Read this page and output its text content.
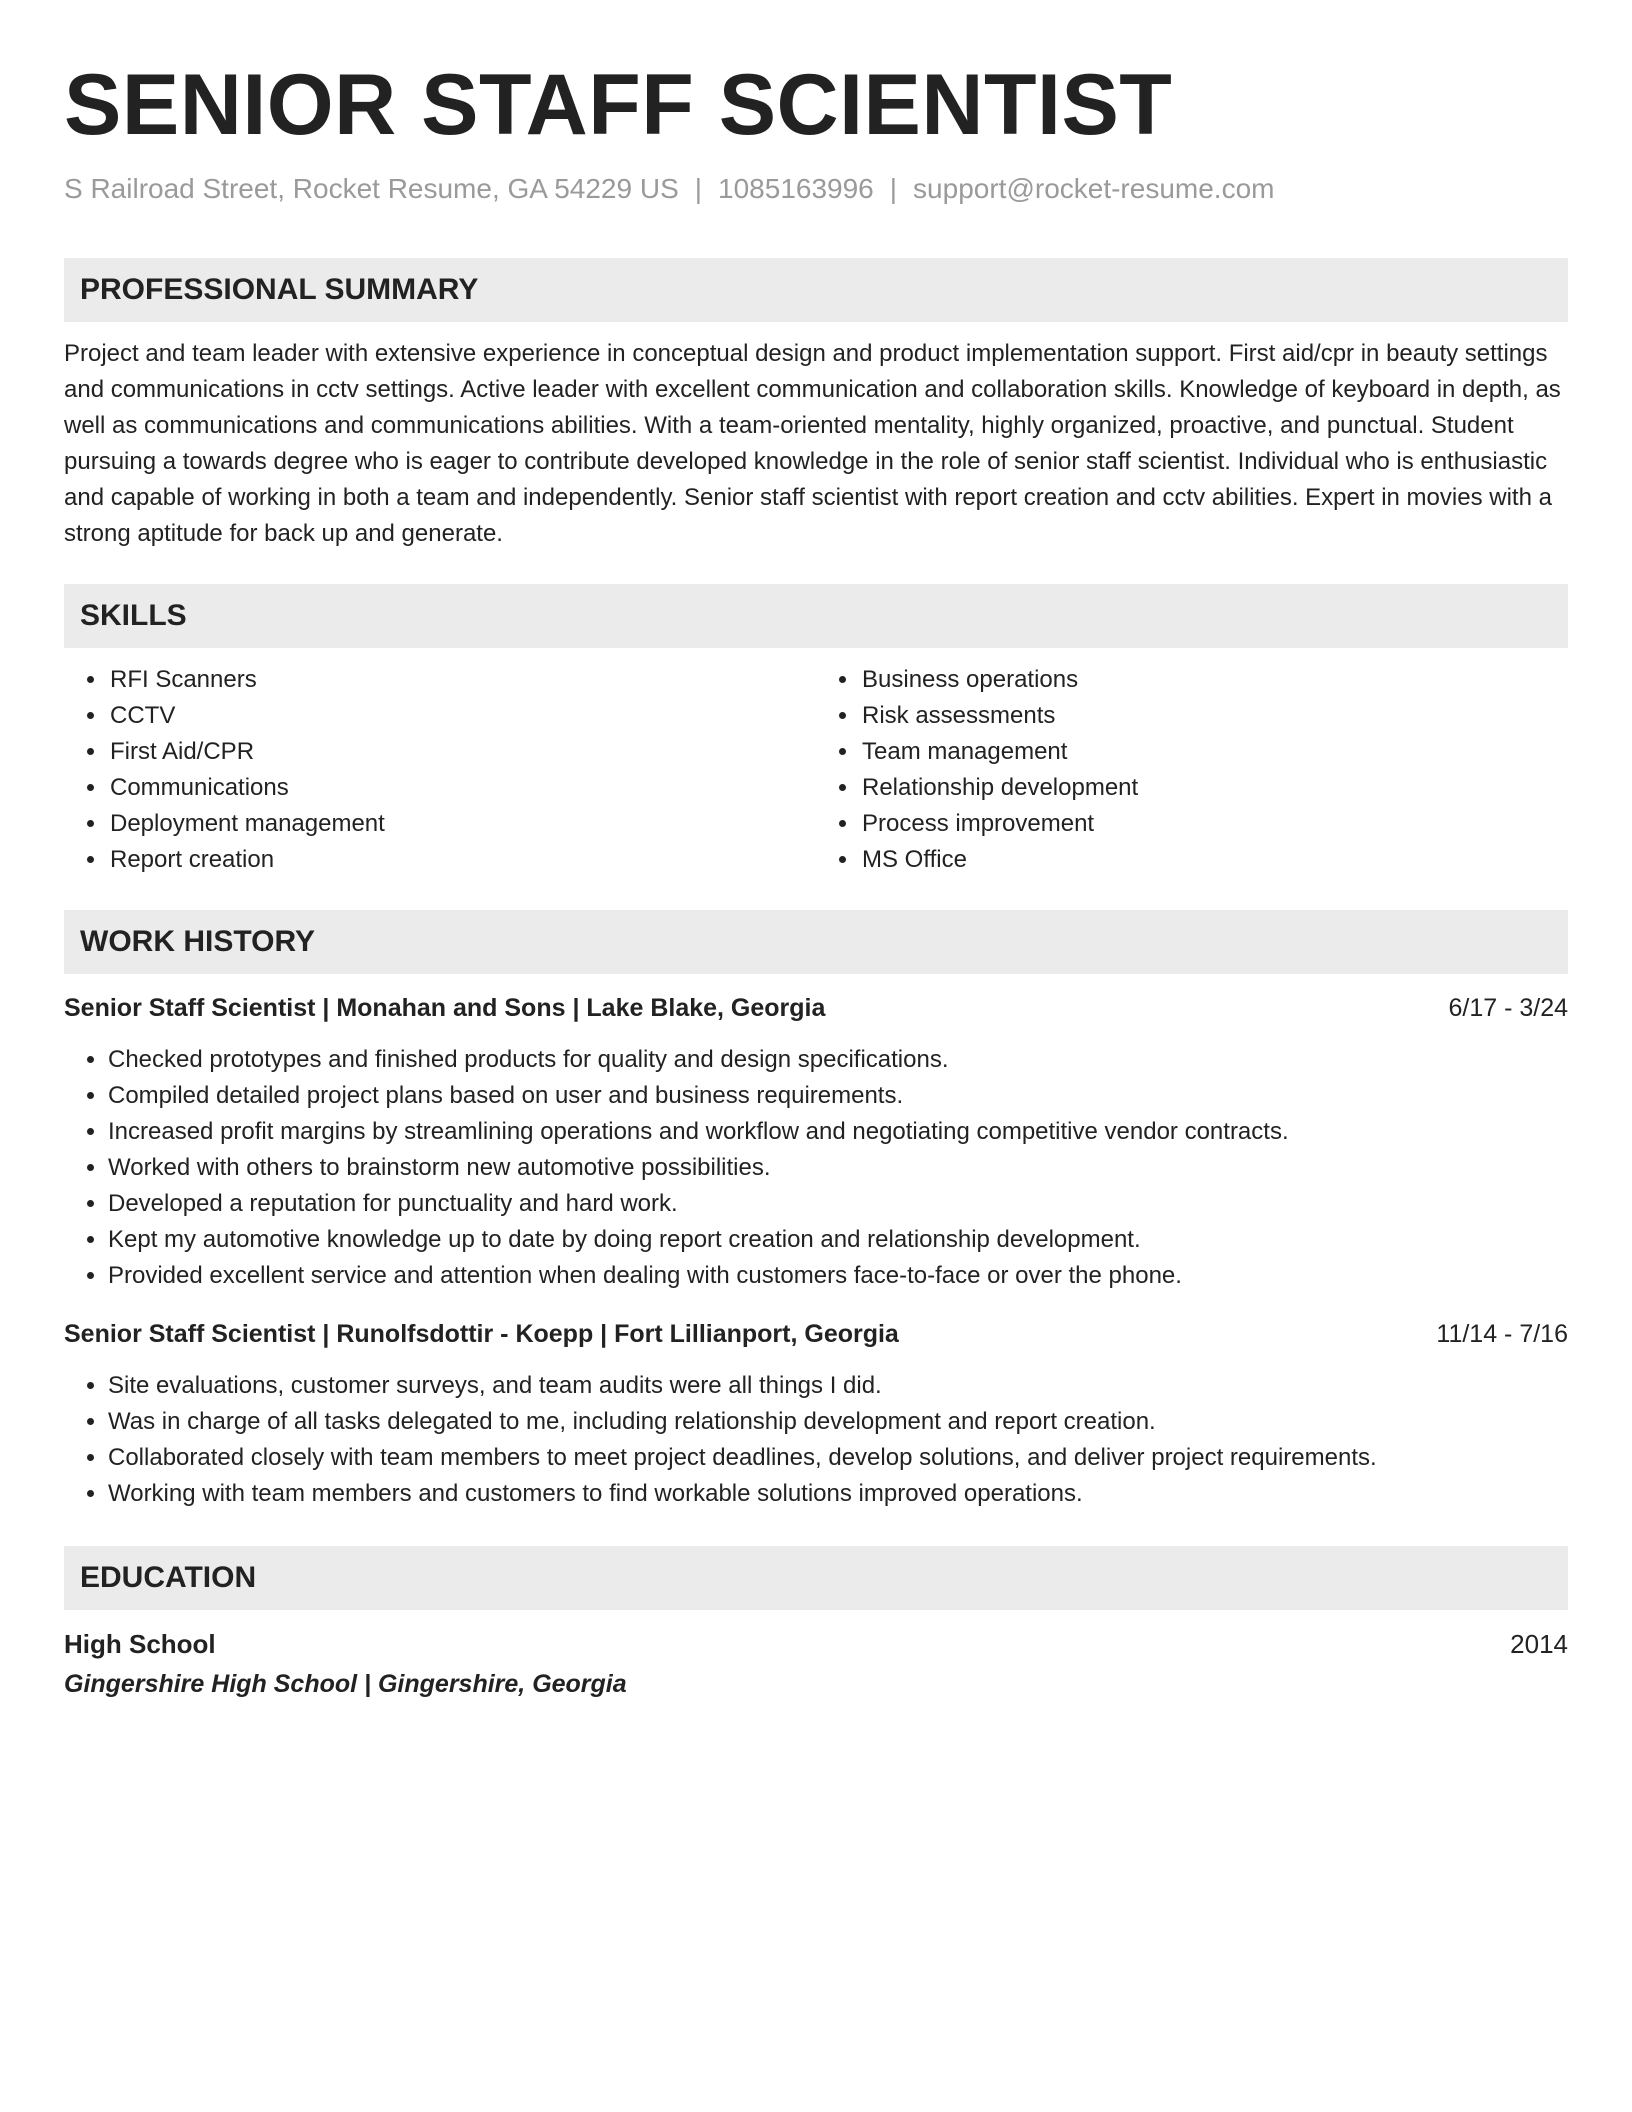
SENIOR STAFF SCIENTIST
S Railroad Street, Rocket Resume, GA 54229 US | 1085163996 | support@rocket-resume.com
PROFESSIONAL SUMMARY
Project and team leader with extensive experience in conceptual design and product implementation support. First aid/cpr in beauty settings and communications in cctv settings. Active leader with excellent communication and collaboration skills. Knowledge of keyboard in depth, as well as communications and communications abilities. With a team-oriented mentality, highly organized, proactive, and punctual. Student pursuing a towards degree who is eager to contribute developed knowledge in the role of senior staff scientist. Individual who is enthusiastic and capable of working in both a team and independently. Senior staff scientist with report creation and cctv abilities. Expert in movies with a strong aptitude for back up and generate.
SKILLS
• RFI Scanners
• CCTV
• First Aid/CPR
• Communications
• Deployment management
• Report creation
• Business operations
• Risk assessments
• Team management
• Relationship development
• Process improvement
• MS Office
WORK HISTORY
Senior Staff Scientist | Monahan and Sons | Lake Blake, Georgia	6/17 - 3/24
• Checked prototypes and finished products for quality and design specifications.
• Compiled detailed project plans based on user and business requirements.
• Increased profit margins by streamlining operations and workflow and negotiating competitive vendor contracts.
• Worked with others to brainstorm new automotive possibilities.
• Developed a reputation for punctuality and hard work.
• Kept my automotive knowledge up to date by doing report creation and relationship development.
• Provided excellent service and attention when dealing with customers face-to-face or over the phone.
Senior Staff Scientist | Runolfsdottir - Koepp | Fort Lillianport, Georgia	11/14 - 7/16
• Site evaluations, customer surveys, and team audits were all things I did.
• Was in charge of all tasks delegated to me, including relationship development and report creation.
• Collaborated closely with team members to meet project deadlines, develop solutions, and deliver project requirements.
• Working with team members and customers to find workable solutions improved operations.
EDUCATION
High School	2014
Gingershire High School | Gingershire, Georgia
